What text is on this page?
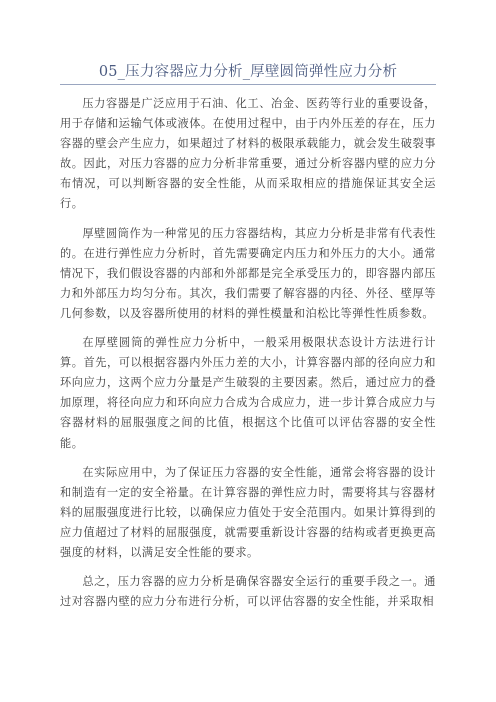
05_压力容器应力分析_厚壁圆筒弹性应力分析

压力容器是广泛应用于石油、化工、冶金、医药等行业的重要设备，用于存储和运输气体或液体。在使用过程中，由于内外压差的存在，压力容器的壁会产生应力，如果超过了材料的极限承载能力，就会发生破裂事故。因此，对压力容器的应力分析非常重要，通过分析容器内壁的应力分布情况，可以判断容器的安全性能，从而采取相应的措施保证其安全运行。

厚壁圆筒作为一种常见的压力容器结构，其应力分析是非常有代表性的。在进行弹性应力分析时，首先需要确定内压力和外压力的大小。通常情况下，我们假设容器的内部和外部都是完全承受压力的，即容器内部压力和外部压力均匀分布。其次，我们需要了解容器的内径、外径、壁厚等几何参数，以及容器所使用的材料的弹性模量和泊松比等弹性性质参数。

在厚壁圆筒的弹性应力分析中，一般采用极限状态设计方法进行计算。首先，可以根据容器内外压力差的大小，计算容器内部的径向应力和环向应力，这两个应力分量是产生破裂的主要因素。然后，通过应力的叠加原理，将径向应力和环向应力合成为合成应力，进一步计算合成应力与容器材料的屈服强度之间的比值，根据这个比值可以评估容器的安全性能。

在实际应用中，为了保证压力容器的安全性能，通常会将容器的设计和制造有一定的安全裕量。在计算容器的弹性应力时，需要将其与容器材料的屈服强度进行比较，以确保应力值处于安全范围内。如果计算得到的应力值超过了材料的屈服强度，就需要重新设计容器的结构或者更换更高强度的材料，以满足安全性能的要求。

总之，压力容器的应力分析是确保容器安全运行的重要手段之一。通过对容器内壁的应力分布进行分析，可以评估容器的安全性能，并采取相
